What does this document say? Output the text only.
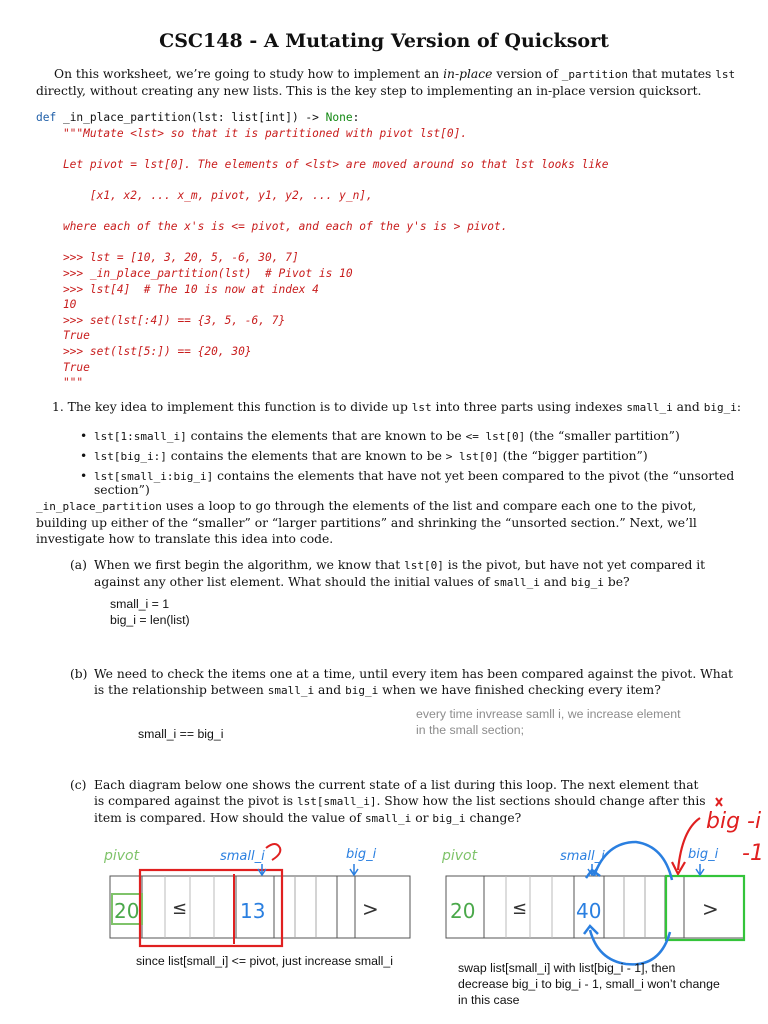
CSC148 - A Mutating Version of Quicksort

On this worksheet, we’re going to study how to implement an in-place version of _partition that mutates lst directly, without creating any new lists. This is the key step to implementing an in-place version quicksort.

def _in_place_partition(lst: list[int]) -> None:
"""Mutate <lst> so that it is partitioned with pivot lst[0].

Let pivot = lst[0]. The elements of <lst> are moved around so that lst looks like

[x1, x2, ... x_m, pivot, y1, y2, ... y_n],

where each of the x's is <= pivot, and each of the y's is > pivot.

>>> lst = [10, 3, 20, 5, -6, 30, 7]
>>> _in_place_partition(lst)  # Pivot is 10
>>> lst[4]  # The 10 is now at index 4
10
>>> set(lst[:4]) == {3, 5, -6, 7}
True
>>> set(lst[5:]) == {20, 30}
True
"""
1. The key idea to implement this function is to divide up lst into three parts using indexes small_i and big_i:
• lst[1:small_i] contains the elements that are known to be <= lst[0] (the “smaller partition”)
• lst[big_i:] contains the elements that are known to be > lst[0] (the “bigger partition”)
• lst[small_i:big_i] contains the elements that have not yet been compared to the pivot (the “unsorted section”)

_in_place_partition uses a loop to go through the elements of the list and compare each one to the pivot, building up either of the “smaller” or “larger partitions” and shrinking the “unsorted section.” Next, we’ll investigate how to translate this idea into code.

(a) When we first begin the algorithm, we know that lst[0] is the pivot, but have not yet compared it against any other list element. What should the initial values of small_i and big_i be?
small_i = 1
big_i = len(list)
(b) We need to check the items one at a time, until every item has been compared against the pivot. What is the relationship between small_i and big_i when we have finished checking every item?
small_i == big_i
every time invrease samll i, we increase element
in the small section;
(c) Each diagram below one shows the current state of a list during this loop. The next element that is compared against the pivot is lst[small_i]. Show how the list sections should change after this item is compared. How should the value of small_i or big_i change?	big -i
-1
20 ≤	13	>
pivot	small_i	big_i
20 ≤ 40	>
pivot	small_i	big_i
since list[small_i] <= pivot, just increase small_i	swap list[small_i] with list[big_i - 1], then
decrease big_i to big_i - 1, small_i won’t change
in this case
